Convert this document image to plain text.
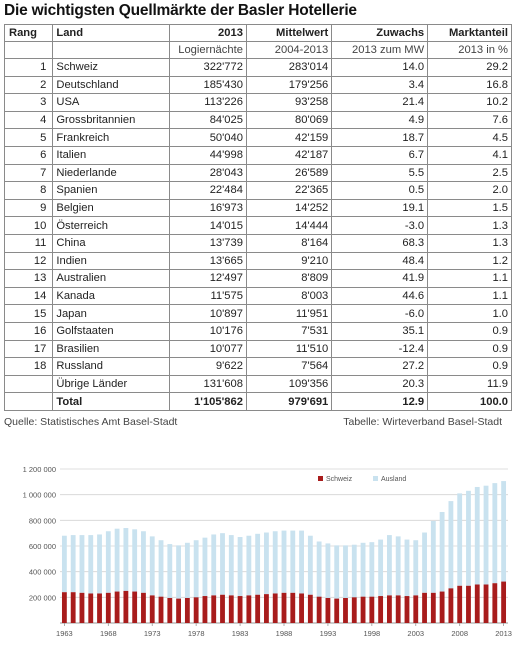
Die wichtigsten Quellmärkte der Basler Hotellerie
Rang	Land	2013	Mittelwert	Zuwachs	Marktanteil
		Logiernächte	2004-2013	2013 zum MW	2013 in %
1	Schweiz	322'772	283'014	14.0	29.2
2	Deutschland	185'430	179'256	3.4	16.8
3	USA	113'226	93'258	21.4	10.2
4	Grossbritannien	84'025	80'069	4.9	7.6
5	Frankreich	50'040	42'159	18.7	4.5
6	Italien	44'998	42'187	6.7	4.1
7	Niederlande	28'043	26'589	5.5	2.5
8	Spanien	22'484	22'365	0.5	2.0
9	Belgien	16'973	14'252	19.1	1.5
10	Österreich	14'015	14'444	-3.0	1.3
11	China	13'739	8'164	68.3	1.3
12	Indien	13'665	9'210	48.4	1.2
13	Australien	12'497	8'809	41.9	1.1
14	Kanada	11'575	8'003	44.6	1.1
15	Japan	10'897	11'951	-6.0	1.0
16	Golfstaaten	10'176	7'531	35.1	0.9
17	Brasilien	10'077	11'510	-12.4	0.9
18	Russland	9'622	7'564	27.2	0.9
	Übrige Länder	131'608	109'356	20.3	11.9
	Total	1'105'862	979'691	12.9	100.0
Quelle: Statistisches Amt Basel-Stadt	Tabelle: Wirteverband Basel-Stadt
200 000
400 000
600 000
800 000
1 000 000
1 200 000
1963	1968	1973	1978	1983	1988	1993	1998	2003	2008	2013
Schweiz	Ausland
